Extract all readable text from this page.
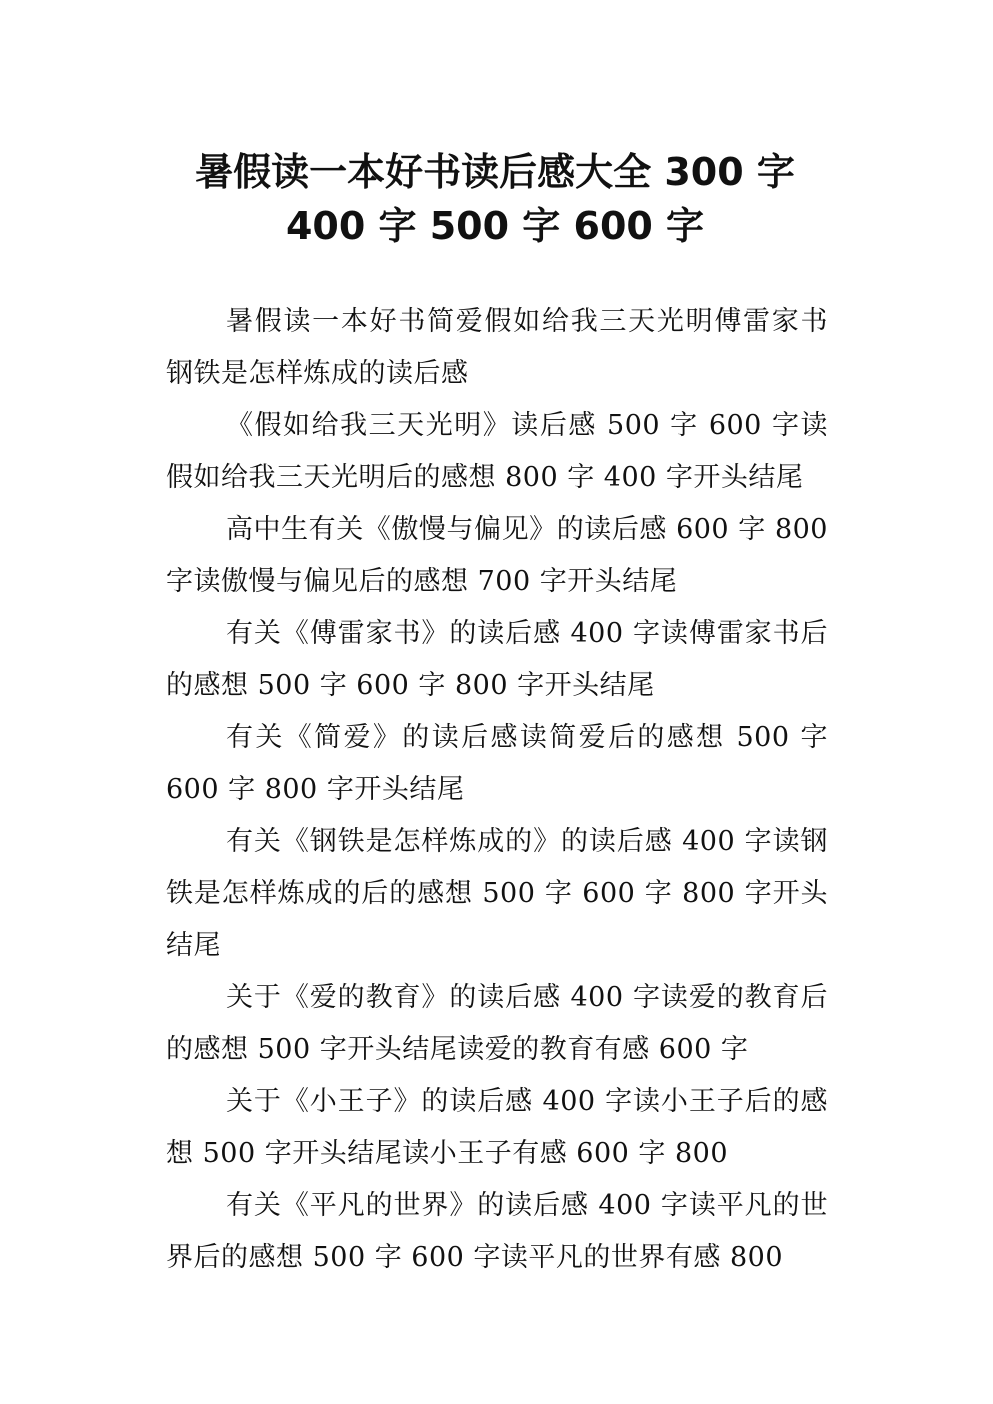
暑假读一本好书读后感大全 300 字
400 字 500 字 600 字

暑假读一本好书简爱假如给我三天光明傅雷家书钢铁是怎样炼成的读后感

《假如给我三天光明》读后感 500 字 600 字读假如给我三天光明后的感想 800 字 400 字开头结尾

高中生有关《傲慢与偏见》的读后感 600 字 800 字读傲慢与偏见后的感想 700 字开头结尾

有关《傅雷家书》的读后感 400 字读傅雷家书后的感想 500 字 600 字 800 字开头结尾

有关《简爱》的读后感读简爱后的感想 500 字 600 字 800 字开头结尾

有关《钢铁是怎样炼成的》的读后感 400 字读钢铁是怎样炼成的后的感想 500 字 600 字 800 字开头结尾

关于《爱的教育》的读后感 400 字读爱的教育后的感想 500 字开头结尾读爱的教育有感 600 字

关于《小王子》的读后感 400 字读小王子后的感想 500 字开头结尾读小王子有感 600 字 800

有关《平凡的世界》的读后感 400 字读平凡的世界后的感想 500 字 600 字读平凡的世界有感 800
